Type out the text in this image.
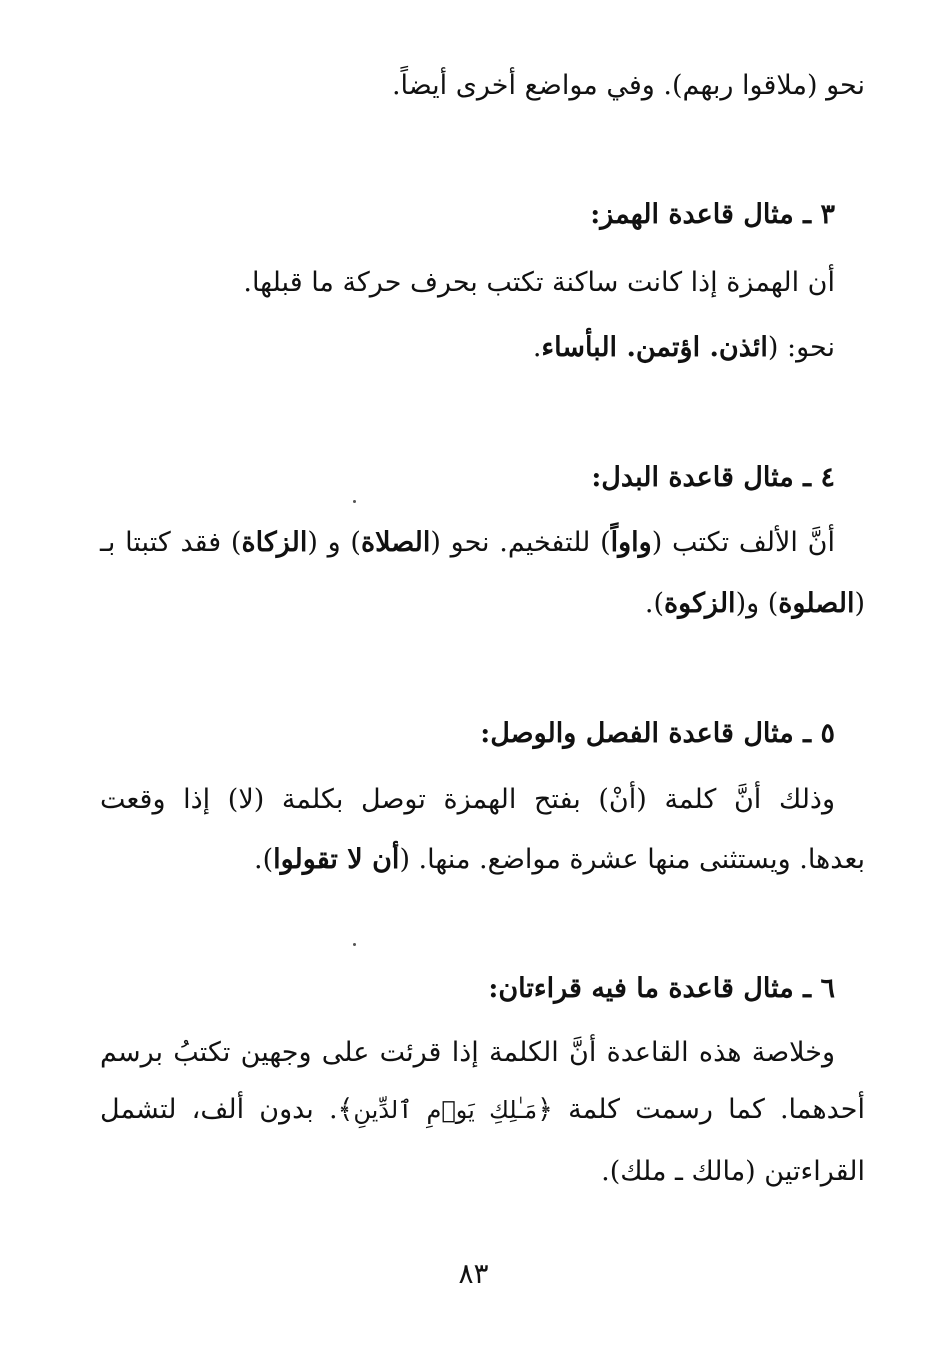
نحو (ملاقوا ربهم). وفي مواضع أخرى أيضاً.
٣ ـ مثال قاعدة الهمز:
أن الهمزة إذا كانت ساكنة تكتب بحرف حركة ما قبلها.
نحو: (ائذن. اؤتمن. البأساء.
٤ ـ مثال قاعدة البدل:
أنَّ الألف تكتب (واواً) للتفخيم. نحو (الصلاة) و (الزكاة) فقد كتبتا بـ
(الصلوة) و(الزكوة).
٥ ـ مثال قاعدة الفصل والوصل:
وذلك أنَّ كلمة (أنْ) بفتح الهمزة توصل بكلمة (لا) إذا وقعت
بعدها. ويستثنى منها عشرة مواضع. منها. (أن لا تقولوا).
٦ ـ مثال قاعدة ما فيه قراءتان:
وخلاصة هذه القاعدة أنَّ الكلمة إذا قرئت على وجهين تكتبُ برسم
أحدهما. كما رسمت كلمة ﴿مَـٰلِكِ يَوۡمِ ٱلدِّينِ﴾. بدون ألف، لتشمل
القراءتين (مالك ـ ملك).
٨٣
